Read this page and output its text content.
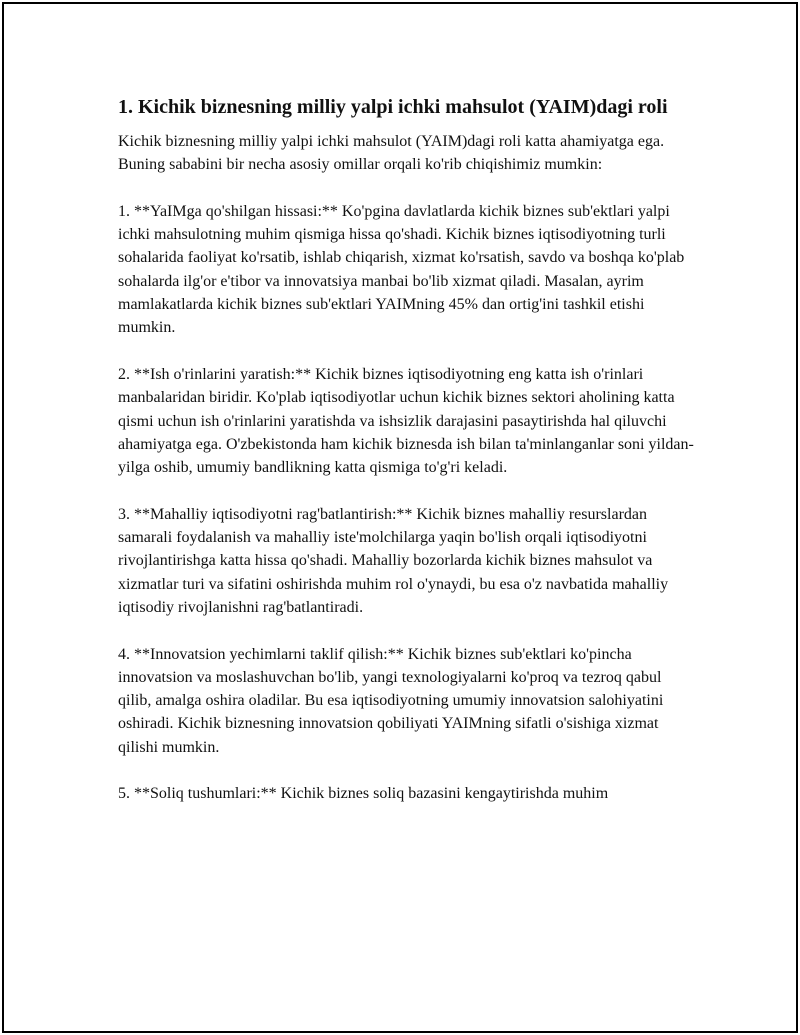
1. Kichik biznesning milliy yalpi ichki mahsulot (YAIM)dagi roli

Kichik biznesning milliy yalpi ichki mahsulot (YAIM)dagi roli katta ahamiyatga ega. Buning sababini bir necha asosiy omillar orqali ko'rib chiqishimiz mumkin:

1. **YaIMga qo'shilgan hissasi:** Ko'pgina davlatlarda kichik biznes sub'ektlari yalpi ichki mahsulotning muhim qismiga hissa qo'shadi. Kichik biznes iqtisodiyotning turli sohalarida faoliyat ko'rsatib, ishlab chiqarish, xizmat ko'rsatish, savdo va boshqa ko'plab sohalarda ilg'or e'tibor va innovatsiya manbai bo'lib xizmat qiladi. Masalan, ayrim mamlakatlarda kichik biznes sub'ektlari YAIMning 45% dan ortig'ini tashkil etishi mumkin.

2. **Ish o'rinlarini yaratish:** Kichik biznes iqtisodiyotning eng katta ish o'rinlari manbalaridan biridir. Ko'plab iqtisodiyotlar uchun kichik biznes sektori aholining katta qismi uchun ish o'rinlarini yaratishda va ishsizlik darajasini pasaytirishda hal qiluvchi ahamiyatga ega. O'zbekistonda ham kichik biznesda ish bilan ta'minlanganlar soni yildan-yilga oshib, umumiy bandlikning katta qismiga to'g'ri keladi.

3. **Mahalliy iqtisodiyotni rag'batlantirish:** Kichik biznes mahalliy resurslardan samarali foydalanish va mahalliy iste'molchilarga yaqin bo'lish orqali iqtisodiyotni rivojlantirishga katta hissa qo'shadi. Mahalliy bozorlarda kichik biznes mahsulot va xizmatlar turi va sifatini oshirishda muhim rol o'ynaydi, bu esa o'z navbatida mahalliy iqtisodiy rivojlanishni rag'batlantiradi.

4. **Innovatsion yechimlarni taklif qilish:** Kichik biznes sub'ektlari ko'pincha innovatsion va moslashuvchan bo'lib, yangi texnologiyalarni ko'proq va tezroq qabul qilib, amalga oshira oladilar. Bu esa iqtisodiyotning umumiy innovatsion salohiyatini oshiradi. Kichik biznesning innovatsion qobiliyati YAIMning sifatli o'sishiga xizmat qilishi mumkin.

5. **Soliq tushumlari:** Kichik biznes soliq bazasini kengaytirishda muhim
